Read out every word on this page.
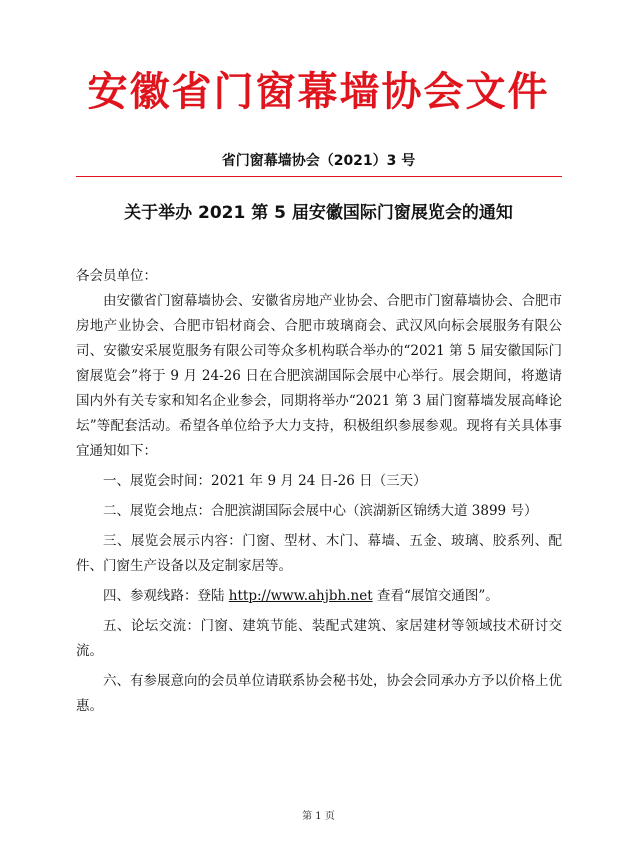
安徽省门窗幕墙协会文件
省门窗幕墙协会（2021）3 号
关于举办 2021 第 5 届安徽国际门窗展览会的通知

各会员单位：

由安徽省门窗幕墙协会、安徽省房地产业协会、合肥市门窗幕墙协会、合肥市房地产业协会、合肥市铝材商会、合肥市玻璃商会、武汉风向标会展服务有限公司、安徽安采展览服务有限公司等众多机构联合举办的“2021 第 5 届安徽国际门窗展览会”将于 9 月 24-26 日在合肥滨湖国际会展中心举行。展会期间，将邀请国内外有关专家和知名企业参会，同期将举办“2021 第 3 届门窗幕墙发展高峰论坛”等配套活动。希望各单位给予大力支持，积极组织参展参观。现将有关具体事宜通知如下：

一、展览会时间：2021 年 9 月 24 日-26 日（三天）

二、展览会地点：合肥滨湖国际会展中心（滨湖新区锦绣大道 3899 号）

三、展览会展示内容：门窗、型材、木门、幕墙、五金、玻璃、胶系列、配件、门窗生产设备以及定制家居等。

四、参观线路：登陆 http://www.ahjbh.net 查看“展馆交通图”。

五、论坛交流：门窗、建筑节能、装配式建筑、家居建材等领域技术研讨交流。

六、有参展意向的会员单位请联系协会秘书处，协会会同承办方予以价格上优惠。

第 1 页
